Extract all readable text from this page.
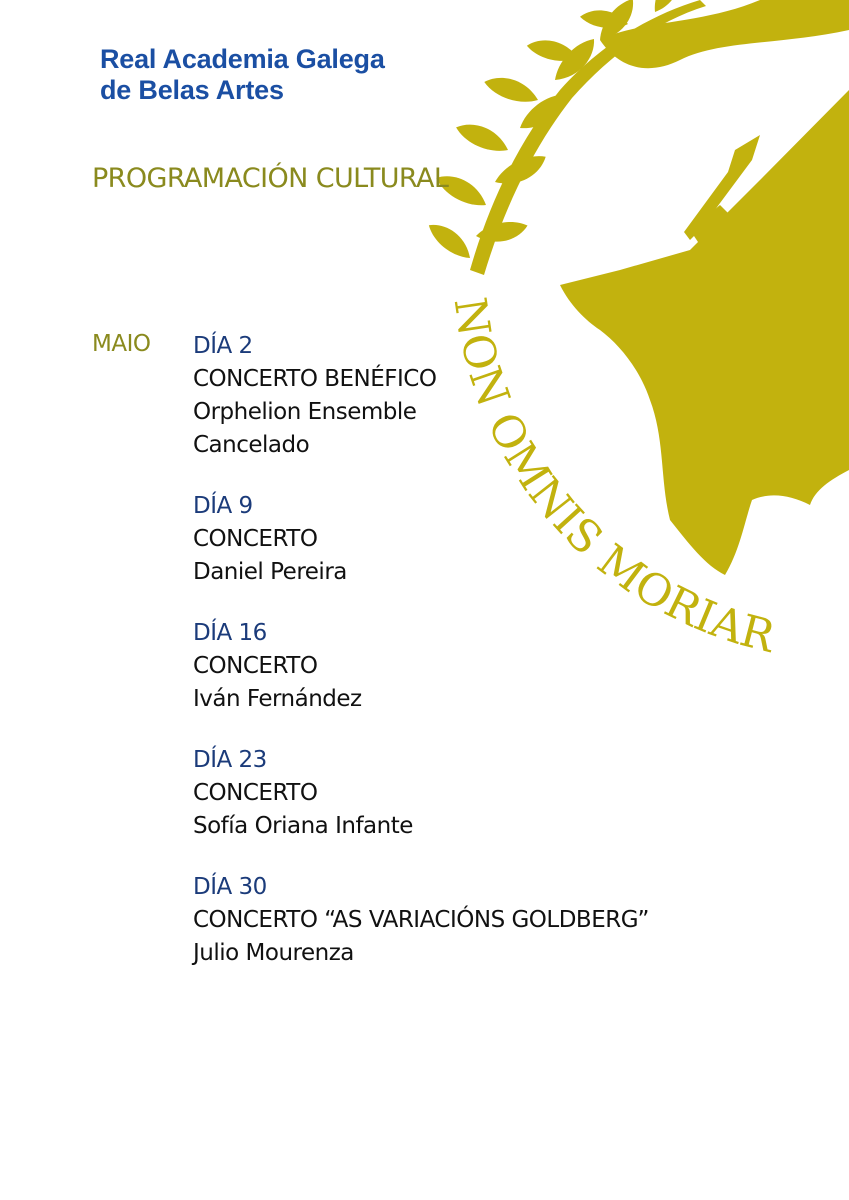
NON OMNIS MORIAR
Real Academia Galega
de Belas Artes
PROGRAMACIÓN CULTURAL
MAIO DÍA 2
CONCERTO BENÉFICO
Orphelion Ensemble
Cancelado
DÍA 9
CONCERTO
Daniel Pereira
DÍA 16
CONCERTO
Iván Fernández
DÍA 23
CONCERTO
Sofía Oriana Infante
DÍA 30
CONCERTO “AS VARIACIÓNS GOLDBERG”
Julio Mourenza
